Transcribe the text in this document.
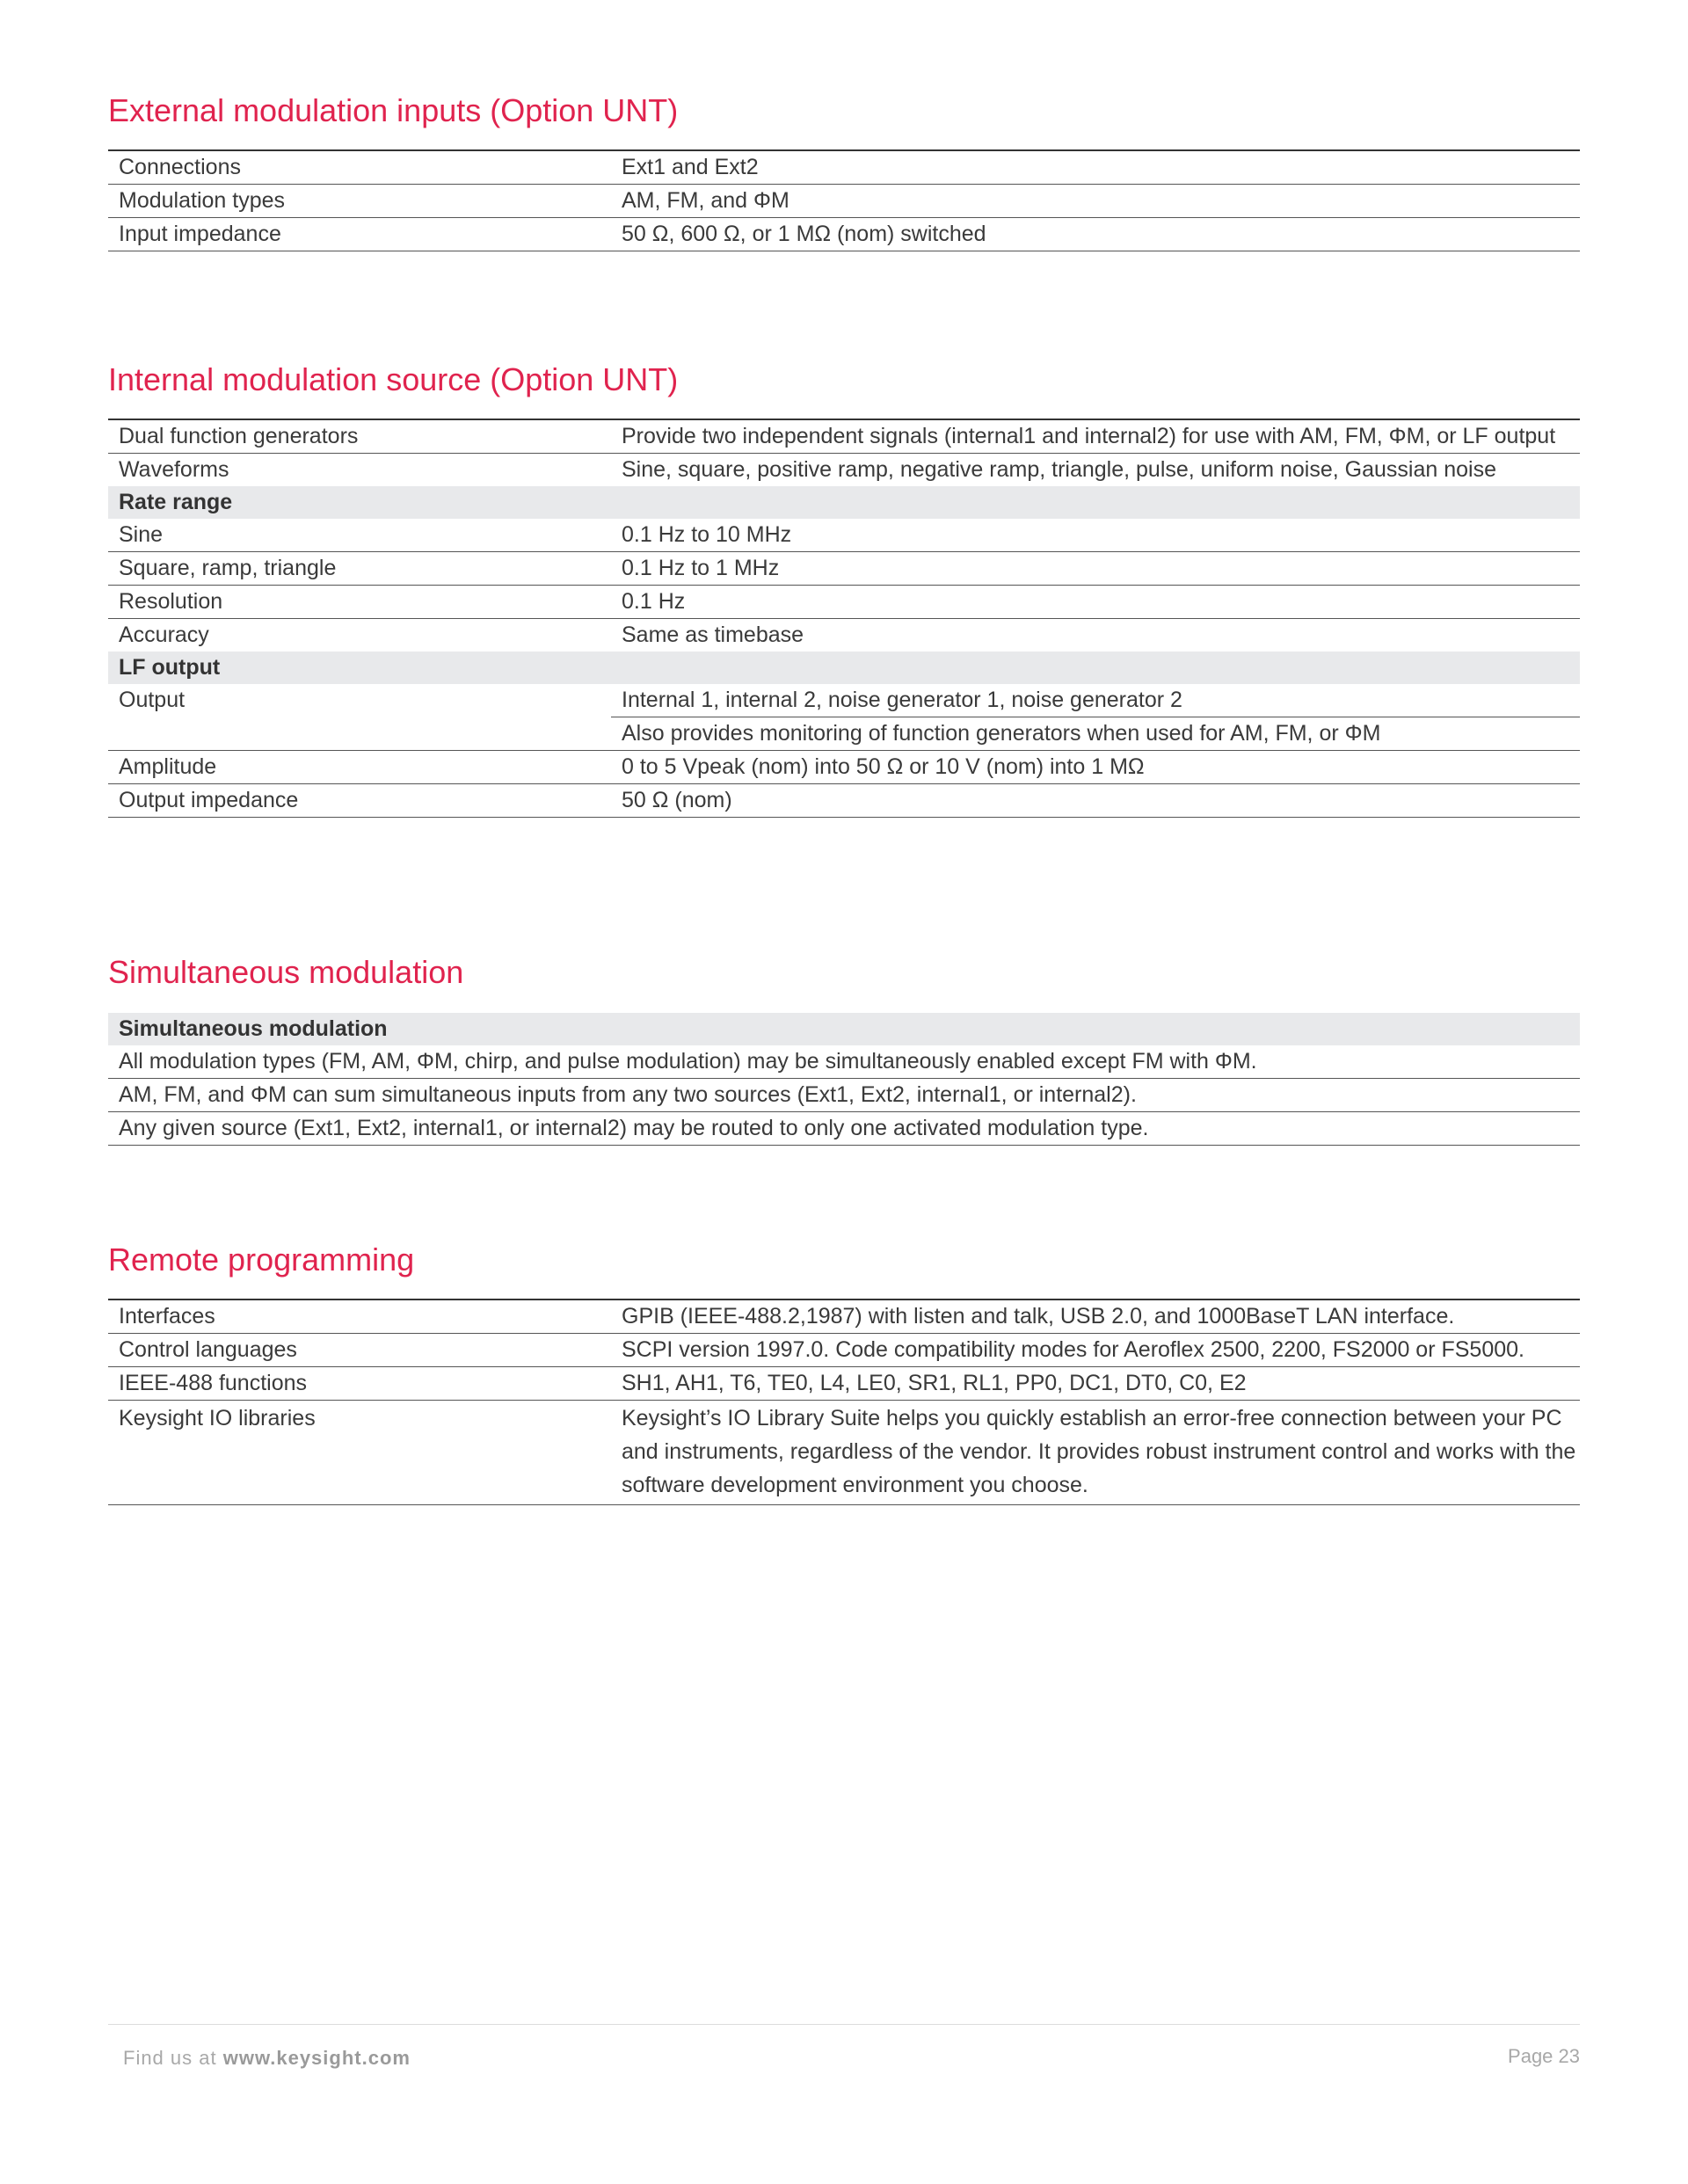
External modulation inputs (Option UNT)
Connections	Ext1 and Ext2
Modulation types	AM, FM, and ΦM
Input impedance	50 Ω, 600 Ω, or 1 MΩ (nom) switched
Internal modulation source (Option UNT)
Dual function generators	Provide two independent signals (internal1 and internal2) for use with AM, FM, ΦM, or LF output
Waveforms	Sine, square, positive ramp, negative ramp, triangle, pulse, uniform noise, Gaussian noise
Rate range
Sine	0.1 Hz to 10 MHz
Square, ramp, triangle	0.1 Hz to 1 MHz
Resolution	0.1 Hz
Accuracy	Same as timebase
LF output
Output	Internal 1, internal 2, noise generator 1, noise generator 2
Also provides monitoring of function generators when used for AM, FM, or ΦM
Amplitude	0 to 5 Vpeak (nom) into 50 Ω or 10 V (nom) into 1 MΩ
Output impedance	50 Ω (nom)
Simultaneous modulation
Simultaneous modulation
All modulation types (FM, AM, ΦM, chirp, and pulse modulation) may be simultaneously enabled except FM with ΦM.
AM, FM, and ΦM can sum simultaneous inputs from any two sources (Ext1, Ext2, internal1, or internal2).
Any given source (Ext1, Ext2, internal1, or internal2) may be routed to only one activated modulation type.
Remote programming
Interfaces	GPIB (IEEE-488.2,1987) with listen and talk, USB 2.0, and 1000BaseT LAN interface.
Control languages	SCPI version 1997.0. Code compatibility modes for Aeroflex 2500, 2200, FS2000 or FS5000.
IEEE-488 functions	SH1, AH1, T6, TE0, L4, LE0, SR1, RL1, PP0, DC1, DT0, C0, E2
Keysight IO libraries	Keysight’s IO Library Suite helps you quickly establish an error-free connection between your PC
and instruments, regardless of the vendor. It provides robust instrument control and works with the
software development environment you choose.
Find us at www.keysight.com	Page 23
